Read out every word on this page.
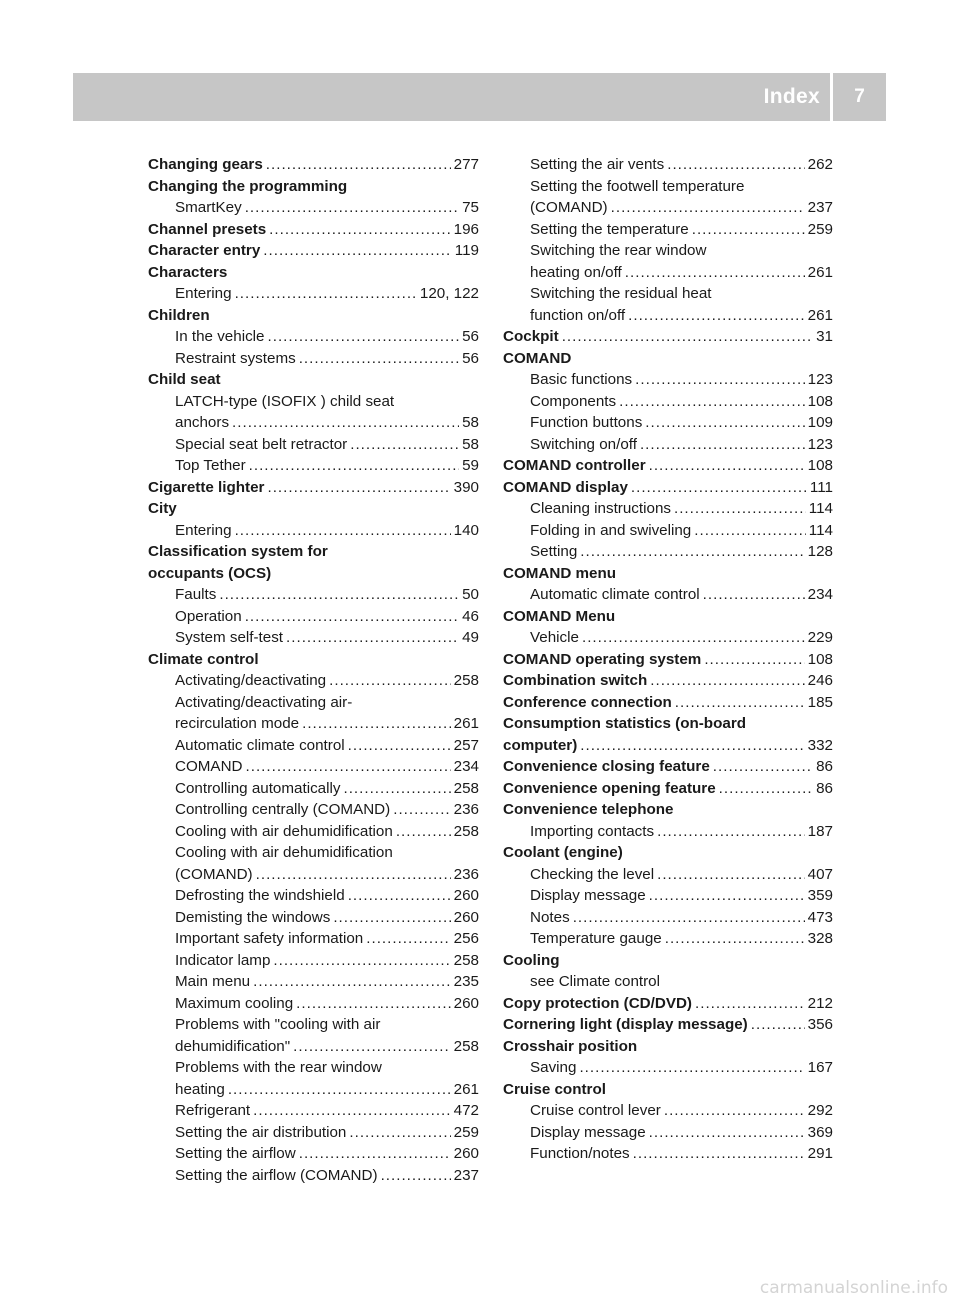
Index	7
Changing gears .....	277
Changing the programming
SmartKey .....	75
Channel presets .....	196
Character entry .....	119
Characters
Entering .....	120, 122
Children
In the vehicle .....	56
Restraint systems .....	56
Child seat
LATCH-type (ISOFIX ) child seat
anchors .....	58
Special seat belt retractor .....	58
Top Tether .....	59
Cigarette lighter .....	390
City
Entering .....	140
Classification system for
occupants (OCS)
Faults .....	50
Operation .....	46
System self-test .....	49
Climate control
Activating/deactivating .....	258
Activating/deactivating air-
recirculation mode .....	261
Automatic climate control .....	257
COMAND .....	234
Controlling automatically .....	258
Controlling centrally (COMAND) .....	236
Cooling with air dehumidification .....	258
Cooling with air dehumidification
(COMAND) .....	236
Defrosting the windshield .....	260
Demisting the windows .....	260
Important safety information .....	256
Indicator lamp .....	258
Main menu .....	235
Maximum cooling .....	260
Problems with "cooling with air
dehumidification" .....	258
Problems with the rear window
heating .....	261
Refrigerant .....	472
Setting the air distribution .....	259
Setting the airflow .....	260
Setting the airflow (COMAND) .....	237
Setting the air vents .....	262
Setting the footwell temperature
(COMAND) .....	237
Setting the temperature .....	259
Switching the rear window
heating on/off .....	261
Switching the residual heat
function on/off .....	261
Cockpit .....	31
COMAND
Basic functions .....	123
Components .....	108
Function buttons .....	109
Switching on/off .....	123
COMAND controller .....	108
COMAND display .....	111
Cleaning instructions .....	114
Folding in and swiveling .....	114
Setting .....	128
COMAND menu
Automatic climate control .....	234
COMAND Menu
Vehicle .....	229
COMAND operating system .....	108
Combination switch .....	246
Conference connection .....	185
Consumption statistics (on-board
computer) .....	332
Convenience closing feature .....	86
Convenience opening feature .....	86
Convenience telephone
Importing contacts .....	187
Coolant (engine)
Checking the level .....	407
Display message .....	359
Notes .....	473
Temperature gauge .....	328
Cooling
see Climate control
Copy protection (CD/DVD) .....	212
Cornering light (display message) .....	356
Crosshair position
Saving .....	167
Cruise control
Cruise control lever .....	292
Display message .....	369
Function/notes .....	291
carmanualsonline.info
